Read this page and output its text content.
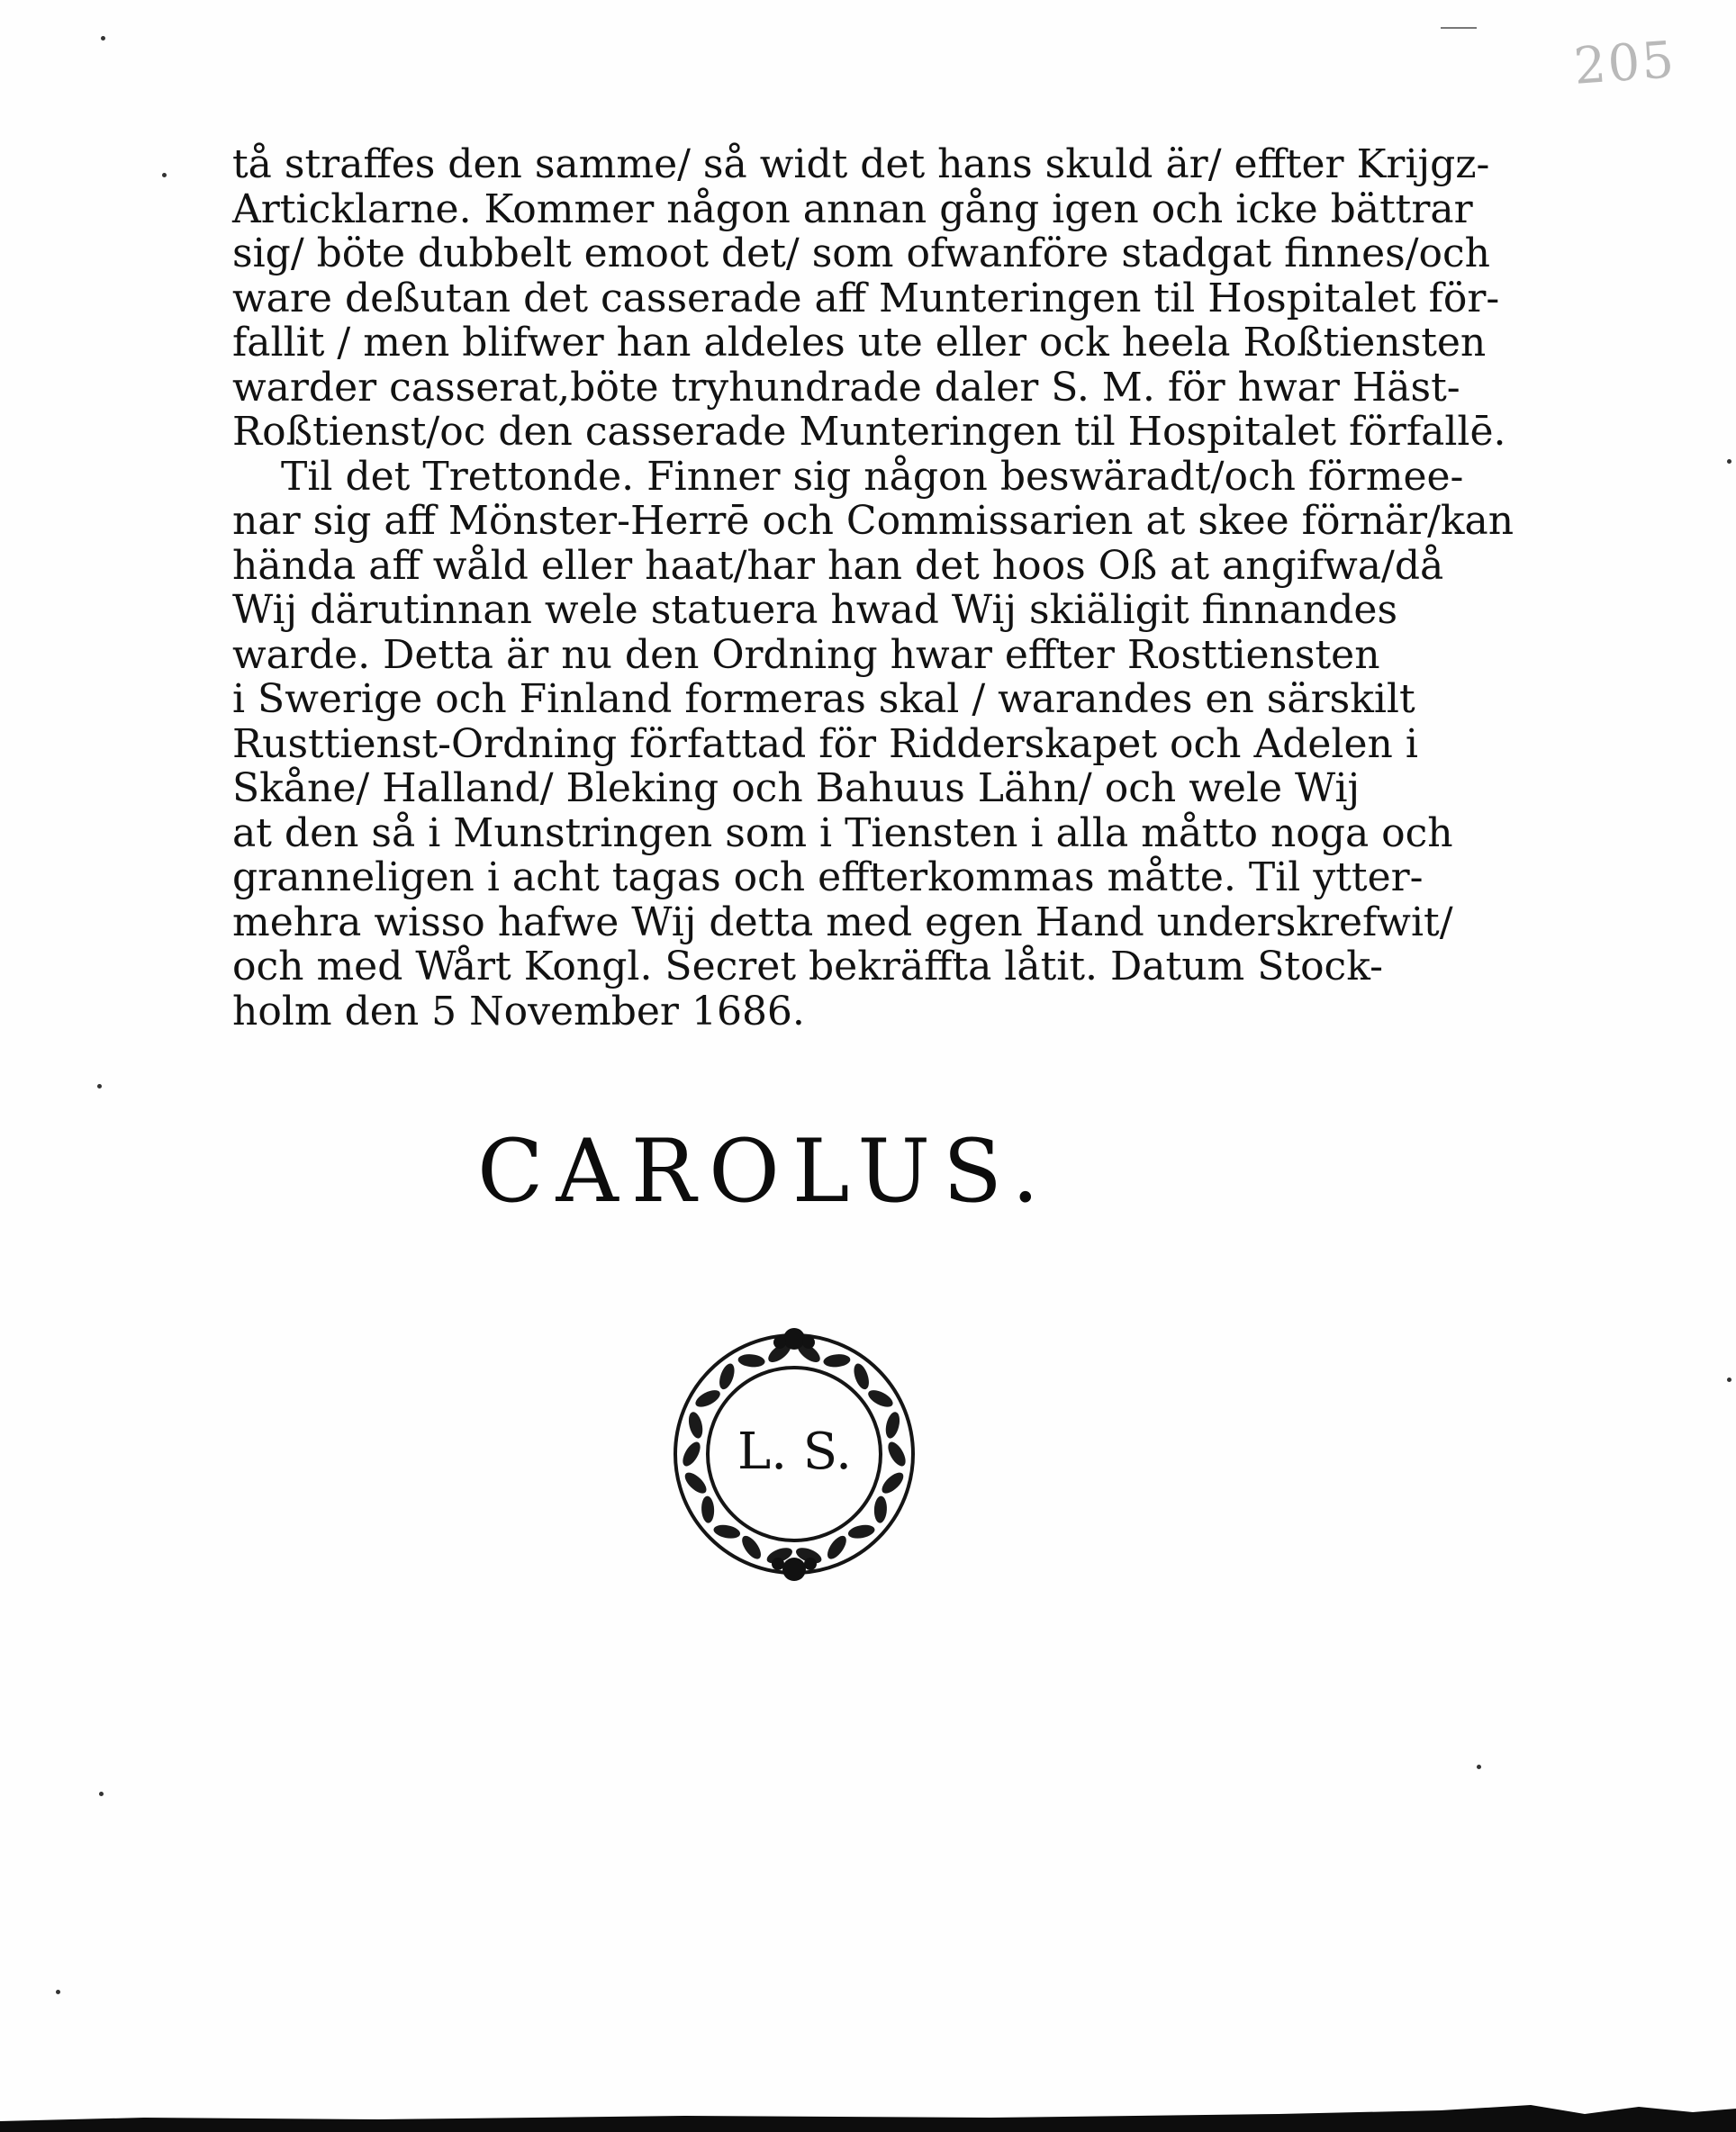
205
tå straffes den samme/ så widt det hans skuld är/ effter Krijgz-
Articklarne. Kommer någon annan gång igen och icke bättrar
sig/ böte dubbelt emoot det/ som ofwanföre stadgat finnes/och
ware deßutan det casserade aff Munteringen til Hospitalet för-
fallit / men blifwer han aldeles ute eller ock heela Roßtiensten
warder casserat,böte tryhundrade daler S. M. för hwar Häst-
Roßtienst/oc den casserade Munteringen til Hospitalet förfallē.
Til det Trettonde. Finner sig någon beswäradt/och förmee-
nar sig aff Mönster-Herrē och Commissarien at skee förnär/kan
hända aff wåld eller haat/har han det hoos Oß at angifwa/då
Wij därutinnan wele statuera hwad Wij skiäligit finnandes
warde. Detta är nu den Ordning hwar effter Rosttiensten
i Swerige och Finland formeras skal / warandes en särskilt
Rusttienst-Ordning författad för Ridderskapet och Adelen i
Skåne/ Halland/ Bleking och Bahuus Lähn/ och wele Wij
at den så i Munstringen som i Tiensten i alla måtto noga och
granneligen i acht tagas och effterkommas måtte. Til ytter-
mehra wisso hafwe Wij detta med egen Hand underskrefwit/
och med Wårt Kongl. Secret bekräffta låtit. Datum Stock-
holm den 5 November 1686.
CAROLUS.
L. S.
